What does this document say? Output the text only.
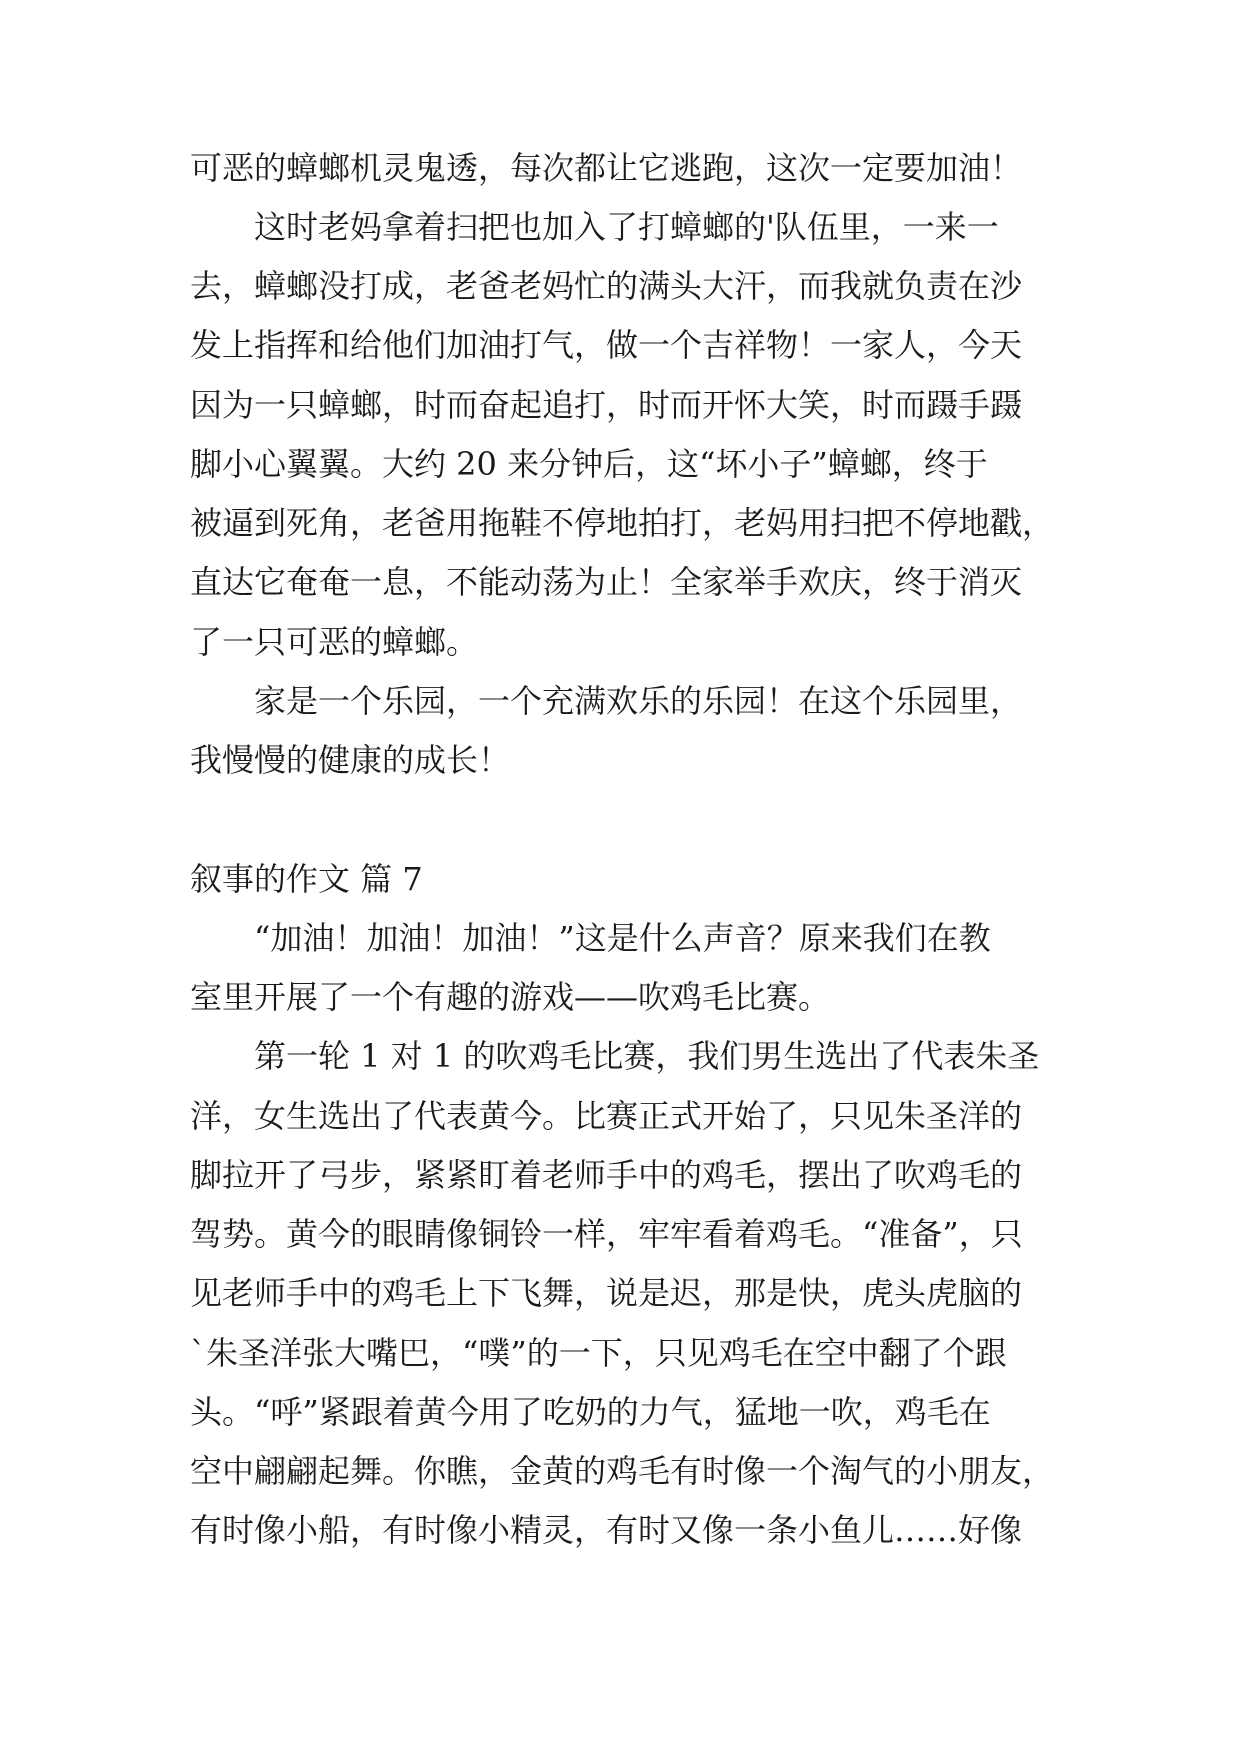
可恶的蟑螂机灵鬼透，每次都让它逃跑，这次一定要加油！

这时老妈拿着扫把也加入了打蟑螂的'队伍里，一来一

去，蟑螂没打成，老爸老妈忙的满头大汗，而我就负责在沙

发上指挥和给他们加油打气，做一个吉祥物！一家人，今天

因为一只蟑螂，时而奋起追打，时而开怀大笑，时而蹑手蹑

脚小心翼翼。大约 20 来分钟后，这“坏小子”蟑螂，终于

被逼到死角，老爸用拖鞋不停地拍打，老妈用扫把不停地戳，

直达它奄奄一息，不能动荡为止！全家举手欢庆，终于消灭

了一只可恶的蟑螂。

家是一个乐园，一个充满欢乐的乐园！在这个乐园里，

我慢慢的健康的成长！

叙事的作文 篇 7

“加油！加油！加油！”这是什么声音？原来我们在教

室里开展了一个有趣的游戏——吹鸡毛比赛。

第一轮 1 对 1 的吹鸡毛比赛，我们男生选出了代表朱圣

洋，女生选出了代表黄今。比赛正式开始了，只见朱圣洋的

脚拉开了弓步，紧紧盯着老师手中的鸡毛，摆出了吹鸡毛的

驾势。黄今的眼睛像铜铃一样，牢牢看着鸡毛。“准备”，只

见老师手中的鸡毛上下飞舞，说是迟，那是快，虎头虎脑的

`朱圣洋张大嘴巴，“噗”的一下，只见鸡毛在空中翻了个跟

头。“呼”紧跟着黄今用了吃奶的力气，猛地一吹，鸡毛在

空中翩翩起舞。你瞧，金黄的鸡毛有时像一个淘气的小朋友，

有时像小船，有时像小精灵，有时又像一条小鱼儿……好像
